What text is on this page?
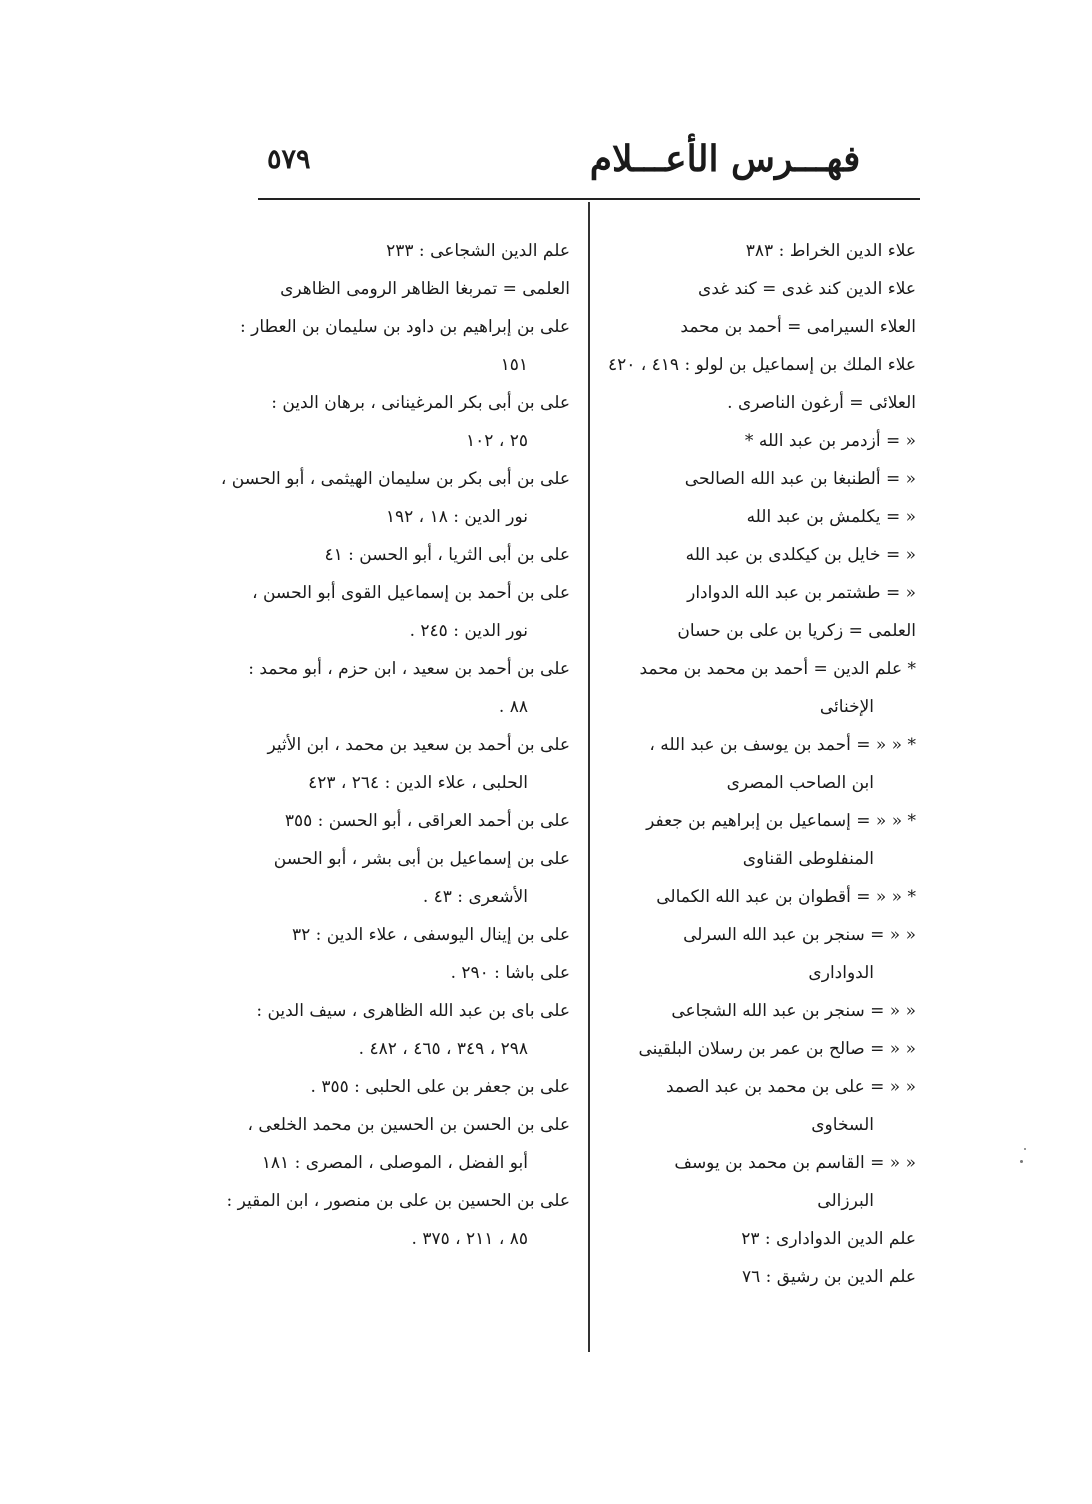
٥٧٩	فهـــرس الأعـــلام
علاء الدين الخراط : ٣٨٣
علاء الدين كند غدى = كند غدى
العلاء السيرامى = أحمد بن محمد
علاء الملك بن إسماعيل بن لولو : ٤١٩ ، ٤٢٠
العلائى = أرغون الناصرى .
« = أزدمر بن عبد الله *
« = ألطنبغا بن عبد الله الصالحى
« = يكلمش بن عبد الله
« = خايل بن كيكلدى بن عبد الله
« = طشتمر بن عبد الله الدوادار
العلمى = زكريا بن على بن حسان
* علم الدين = أحمد بن محمد بن محمد
الإخنائى
* « « = أحمد بن يوسف بن عبد الله ،
ابن الصاحب المصرى
* « « = إسماعيل بن إبراهيم بن جعفر
المنفلوطى القناوى
* « « = أقطوان بن عبد الله الكمالى
« « = سنجر بن عبد الله السرلى
الدوادارى
« « = سنجر بن عبد الله الشجاعى
« « = صالح بن عمر بن رسلان البلقينى
« « = على بن محمد بن عبد الصمد
السخاوى
« « = القاسم بن محمد بن يوسف
البرزالى
علم الدين الدوادارى : ٢٣
علم الدين بن رشيق : ٧٦
علم الدين الشجاعى : ٢٣٣
العلمى = تمربغا الظاهر الرومى الظاهرى
على بن إبراهيم بن داود بن سليمان بن العطار :
١٥١
على بن أبى بكر المرغينانى ، برهان الدين :
٢٥ ، ١٠٢
على بن أبى بكر بن سليمان الهيثمى ، أبو الحسن ،
نور الدين : ١٨ ، ١٩٢
على بن أبى الثريا ، أبو الحسن : ٤١
على بن أحمد بن إسماعيل القوى أبو الحسن ،
نور الدين : ٢٤٥ .
على بن أحمد بن سعيد ، ابن حزم ، أبو محمد :
٨٨ .
على بن أحمد بن سعيد بن محمد ، ابن الأثير
الحلبى ، علاء الدين : ٢٦٤ ، ٤٢٣
على بن أحمد العراقى ، أبو الحسن : ٣٥٥
على بن إسماعيل بن أبى بشر ، أبو الحسن
الأشعرى : ٤٣ .
على بن إينال اليوسفى ، علاء الدين : ٣٢
على باشا : ٢٩٠ .
على باى بن عبد الله الظاهرى ، سيف الدين :
٢٩٨ ، ٣٤٩ ، ٤٦٥ ، ٤٨٢ .
على بن جعفر بن على الحلبى : ٣٥٥ .
على بن الحسن بن الحسين بن محمد الخلعى ،
أبو الفضل ، الموصلى ، المصرى : ١٨١
على بن الحسين بن على بن منصور ، ابن المقير :
٨٥ ، ٢١١ ، ٣٧٥ .
